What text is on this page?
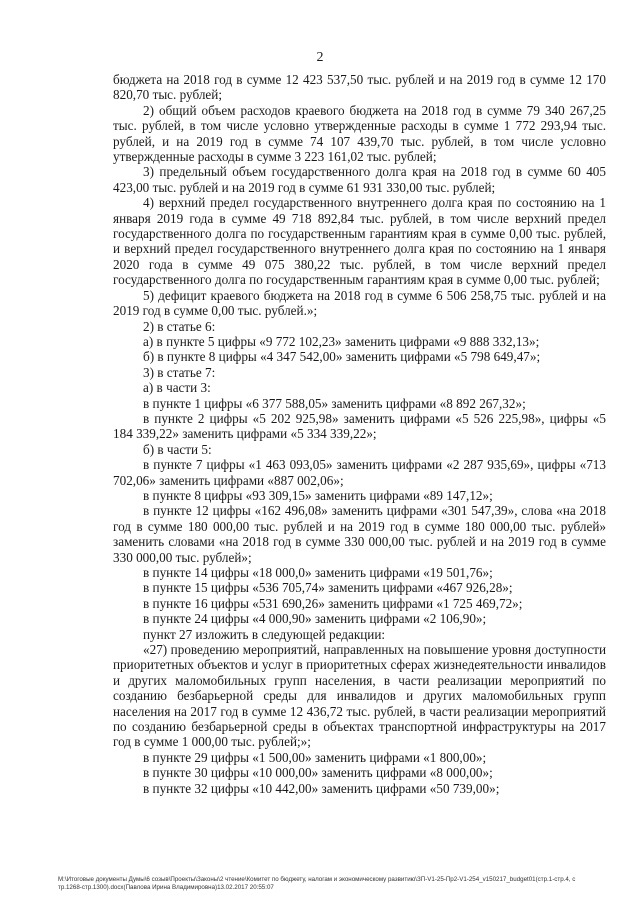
2

бюджета на 2018 год в сумме 12 423 537,50 тыс. рублей и на 2019 год в сумме 12 170 820,70 тыс. рублей;

2) общий объем расходов краевого бюджета на 2018 год в сумме 79 340 267,25 тыс. рублей, в том числе условно утвержденные расходы в сумме 1 772 293,94 тыс. рублей, и на 2019 год в сумме 74 107 439,70 тыс. рублей, в том числе условно утвержденные расходы в сумме 3 223 161,02 тыс. рублей;

3) предельный объем государственного долга края на 2018 год в сумме 60 405 423,00 тыс. рублей и на 2019 год в сумме 61 931 330,00 тыс. рублей;

4) верхний предел государственного внутреннего долга края по состоянию на 1 января 2019 года в сумме 49 718 892,84 тыс. рублей, в том числе верхний предел государственного долга по государственным гарантиям края в сумме 0,00 тыс. рублей, и верхний предел государственного внутреннего долга края по состоянию на 1 января 2020 года в сумме 49 075 380,22 тыс. рублей, в том числе верхний предел государственного долга по государственным гарантиям края в сумме 0,00 тыс. рублей;

5) дефицит краевого бюджета на 2018 год в сумме 6 506 258,75 тыс. рублей и на 2019 год в сумме 0,00 тыс. рублей.»;

2) в статье 6:

а) в пункте 5 цифры «9 772 102,23» заменить цифрами «9 888 332,13»;

б) в пункте 8 цифры «4 347 542,00» заменить цифрами «5 798 649,47»;

3) в статье 7:

а) в части 3:

в пункте 1 цифры «6 377 588,05» заменить цифрами «8 892 267,32»;

в пункте 2 цифры «5 202 925,98» заменить цифрами «5 526 225,98», цифры «5 184 339,22» заменить цифрами «5 334 339,22»;

б) в части 5:

в пункте 7 цифры «1 463 093,05» заменить цифрами «2 287 935,69», цифры «713 702,06» заменить цифрами «887 002,06»;

в пункте 8 цифры «93 309,15» заменить цифрами «89 147,12»;

в пункте 12 цифры «162 496,08» заменить цифрами «301 547,39», слова «на 2018 год в сумме 180 000,00 тыс. рублей и на 2019 год в сумме 180 000,00 тыс. рублей» заменить словами «на 2018 год в сумме 330 000,00 тыс. рублей и на 2019 год в сумме 330 000,00 тыс. рублей»;

в пункте 14 цифры «18 000,0» заменить цифрами «19 501,76»;

в пункте 15 цифры «536 705,74» заменить цифрами «467 926,28»;

в пункте 16 цифры «531 690,26» заменить цифрами «1 725 469,72»;

в пункте 24 цифры «4 000,90» заменить цифрами «2 106,90»;

пункт 27 изложить в следующей редакции:

«27) проведению мероприятий, направленных на повышение уровня доступности приоритетных объектов и услуг в приоритетных сферах жизнедеятельности инвалидов и других маломобильных групп населения, в части реализации мероприятий по созданию безбарьерной среды для инвалидов и других маломобильных групп населения на 2017 год в сумме 12 436,72 тыс. рублей, в части реализации мероприятий по созданию безбарьерной среды в объектах транспортной инфраструктуры на 2017 год в сумме 1 000,00 тыс. рублей;»;

в пункте 29 цифры «1 500,00» заменить цифрами «1 800,00»;

в пункте 30 цифры «10 000,00» заменить цифрами «8 000,00»;

в пункте 32 цифры «10 442,00» заменить цифрами «50 739,00»;

M:\Итоговые документы Думы\6 созыв\Проекты\Законы\2 чтение\Комитет по бюджету, налогам и экономическому развитию\ЗП-V1-25-Пр2-V1-254_v150217_budget01(стр.1-стр.4, стр.1268-стр.1300).docx(Павлова Ирина Владимировна)13.02.2017 20:55:07
